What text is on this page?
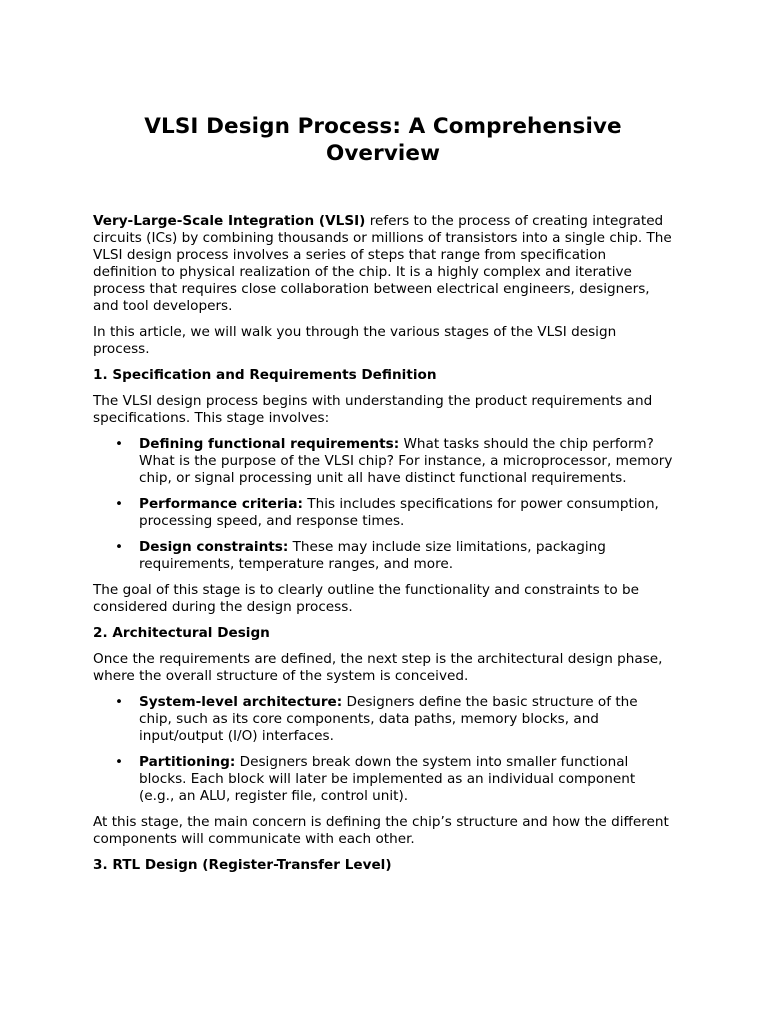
VLSI Design Process: A Comprehensive Overview

Very-Large-Scale Integration (VLSI) refers to the process of creating integrated circuits (ICs) by combining thousands or millions of transistors into a single chip. The VLSI design process involves a series of steps that range from specification definition to physical realization of the chip. It is a highly complex and iterative process that requires close collaboration between electrical engineers, designers, and tool developers.

In this article, we will walk you through the various stages of the VLSI design process.

1. Specification and Requirements Definition

The VLSI design process begins with understanding the product requirements and specifications. This stage involves:

• Defining functional requirements: What tasks should the chip perform? What is the purpose of the VLSI chip? For instance, a microprocessor, memory chip, or signal processing unit all have distinct functional requirements.
• Performance criteria: This includes specifications for power consumption, processing speed, and response times.
• Design constraints: These may include size limitations, packaging requirements, temperature ranges, and more.

The goal of this stage is to clearly outline the functionality and constraints to be considered during the design process.

2. Architectural Design

Once the requirements are defined, the next step is the architectural design phase, where the overall structure of the system is conceived.

• System-level architecture: Designers define the basic structure of the chip, such as its core components, data paths, memory blocks, and input/output (I/O) interfaces.
• Partitioning: Designers break down the system into smaller functional blocks. Each block will later be implemented as an individual component (e.g., an ALU, register file, control unit).

At this stage, the main concern is defining the chip’s structure and how the different components will communicate with each other.

3. RTL Design (Register-Transfer Level)
